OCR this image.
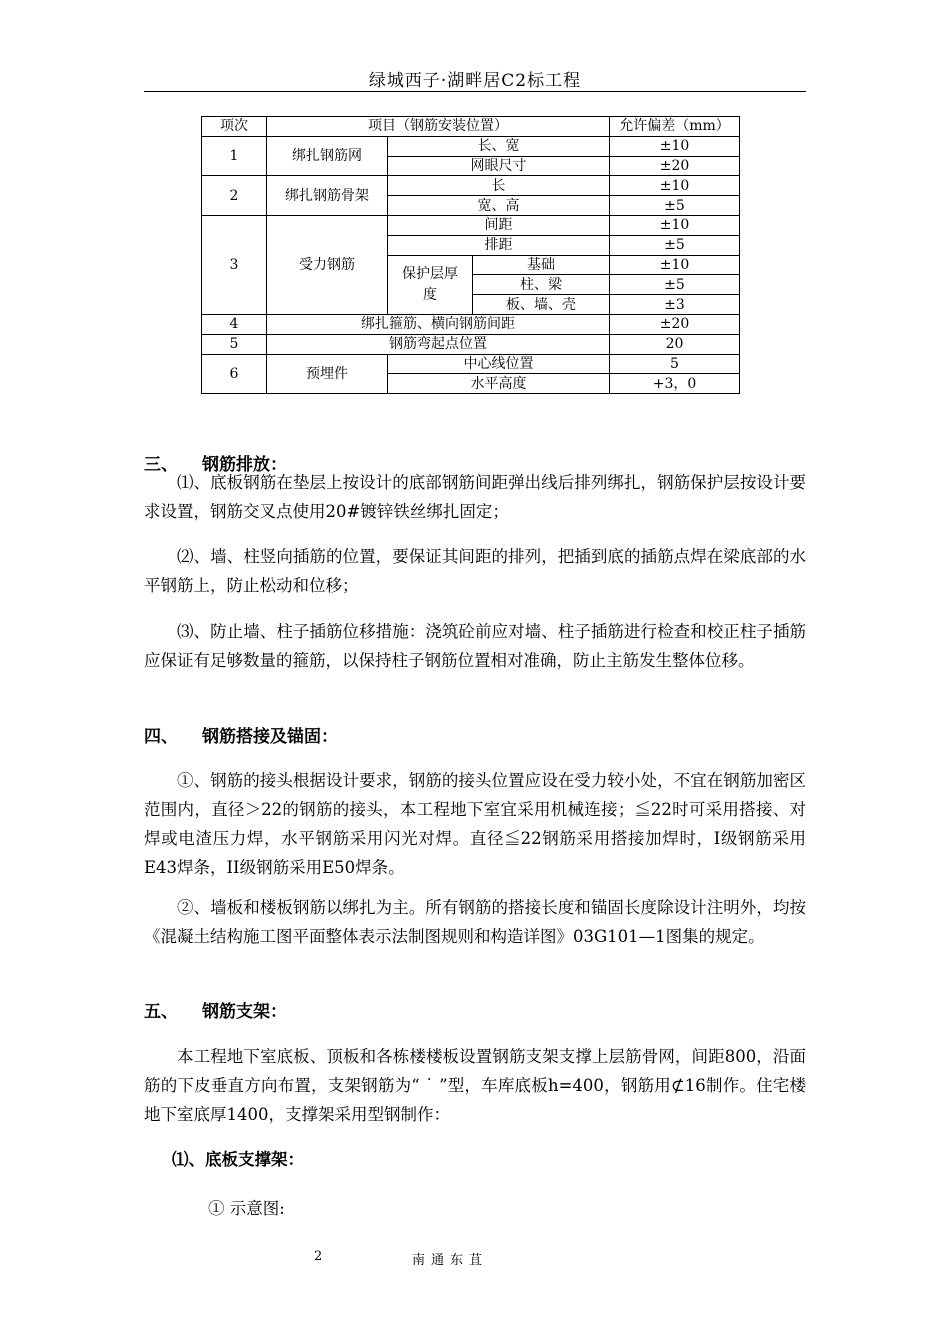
绿城西子·湖畔居C2标工程
项次	项目（钢筋安装位置）			允许偏差（mm）
1	绑扎钢筋网	长、宽		±10
		网眼尺寸		±20
2	绑扎钢筋骨架	长		±10
		宽、高		±5
3	受力钢筋	间距		±10
		排距		±5
		保护层厚度	基础	±10
			柱、梁	±5
			板、墙、壳	±3
4	绑扎箍筋、横向钢筋间距			±20
5	钢筋弯起点位置			20
6	预埋件	中心线位置		5
		水平高度		+3，0
三、 钢筋排放：
⑴、底板钢筋在垫层上按设计的底部钢筋间距弹出线后排列绑扎，钢筋保护层按设计要求设置，钢筋交叉点使用20#镀锌铁丝绑扎固定；
⑵、墙、柱竖向插筋的位置，要保证其间距的排列，把插到底的插筋点焊在梁底部的水平钢筋上，防止松动和位移；
⑶、防止墙、柱子插筋位移措施：浇筑砼前应对墙、柱子插筋进行检查和校正柱子插筋应保证有足够数量的箍筋，以保持柱子钢筋位置相对准确，防止主筋发生整体位移。
四、 钢筋搭接及锚固：
①、钢筋的接头根据设计要求，钢筋的接头位置应设在受力较小处，不宜在钢筋加密区范围内，直径＞22的钢筋的接头，本工程地下室宜采用机械连接；≦22时可采用搭接、对焊或电渣压力焊，水平钢筋采用闪光对焊。直径≦22钢筋采用搭接加焊时，I级钢筋采用E43焊条，II级钢筋采用E50焊条。
②、墙板和楼板钢筋以绑扎为主。所有钢筋的搭接长度和锚固长度除设计注明外，均按《混凝土结构施工图平面整体表示法制图规则和构造详图》03G101—1图集的规定。
五、 钢筋支架：
本工程地下室底板、顶板和各栋楼楼板设置钢筋支架支撑上层筋骨网，间距800，沿面筋的下皮垂直方向布置，支架钢筋为“ ˙ ”型，车库底板h=400，钢筋用⊄16制作。住宅楼地下室底厚1400，支撑架采用型钢制作：
⑴、底板支撑架：
① 示意图:
2	南通东苴
